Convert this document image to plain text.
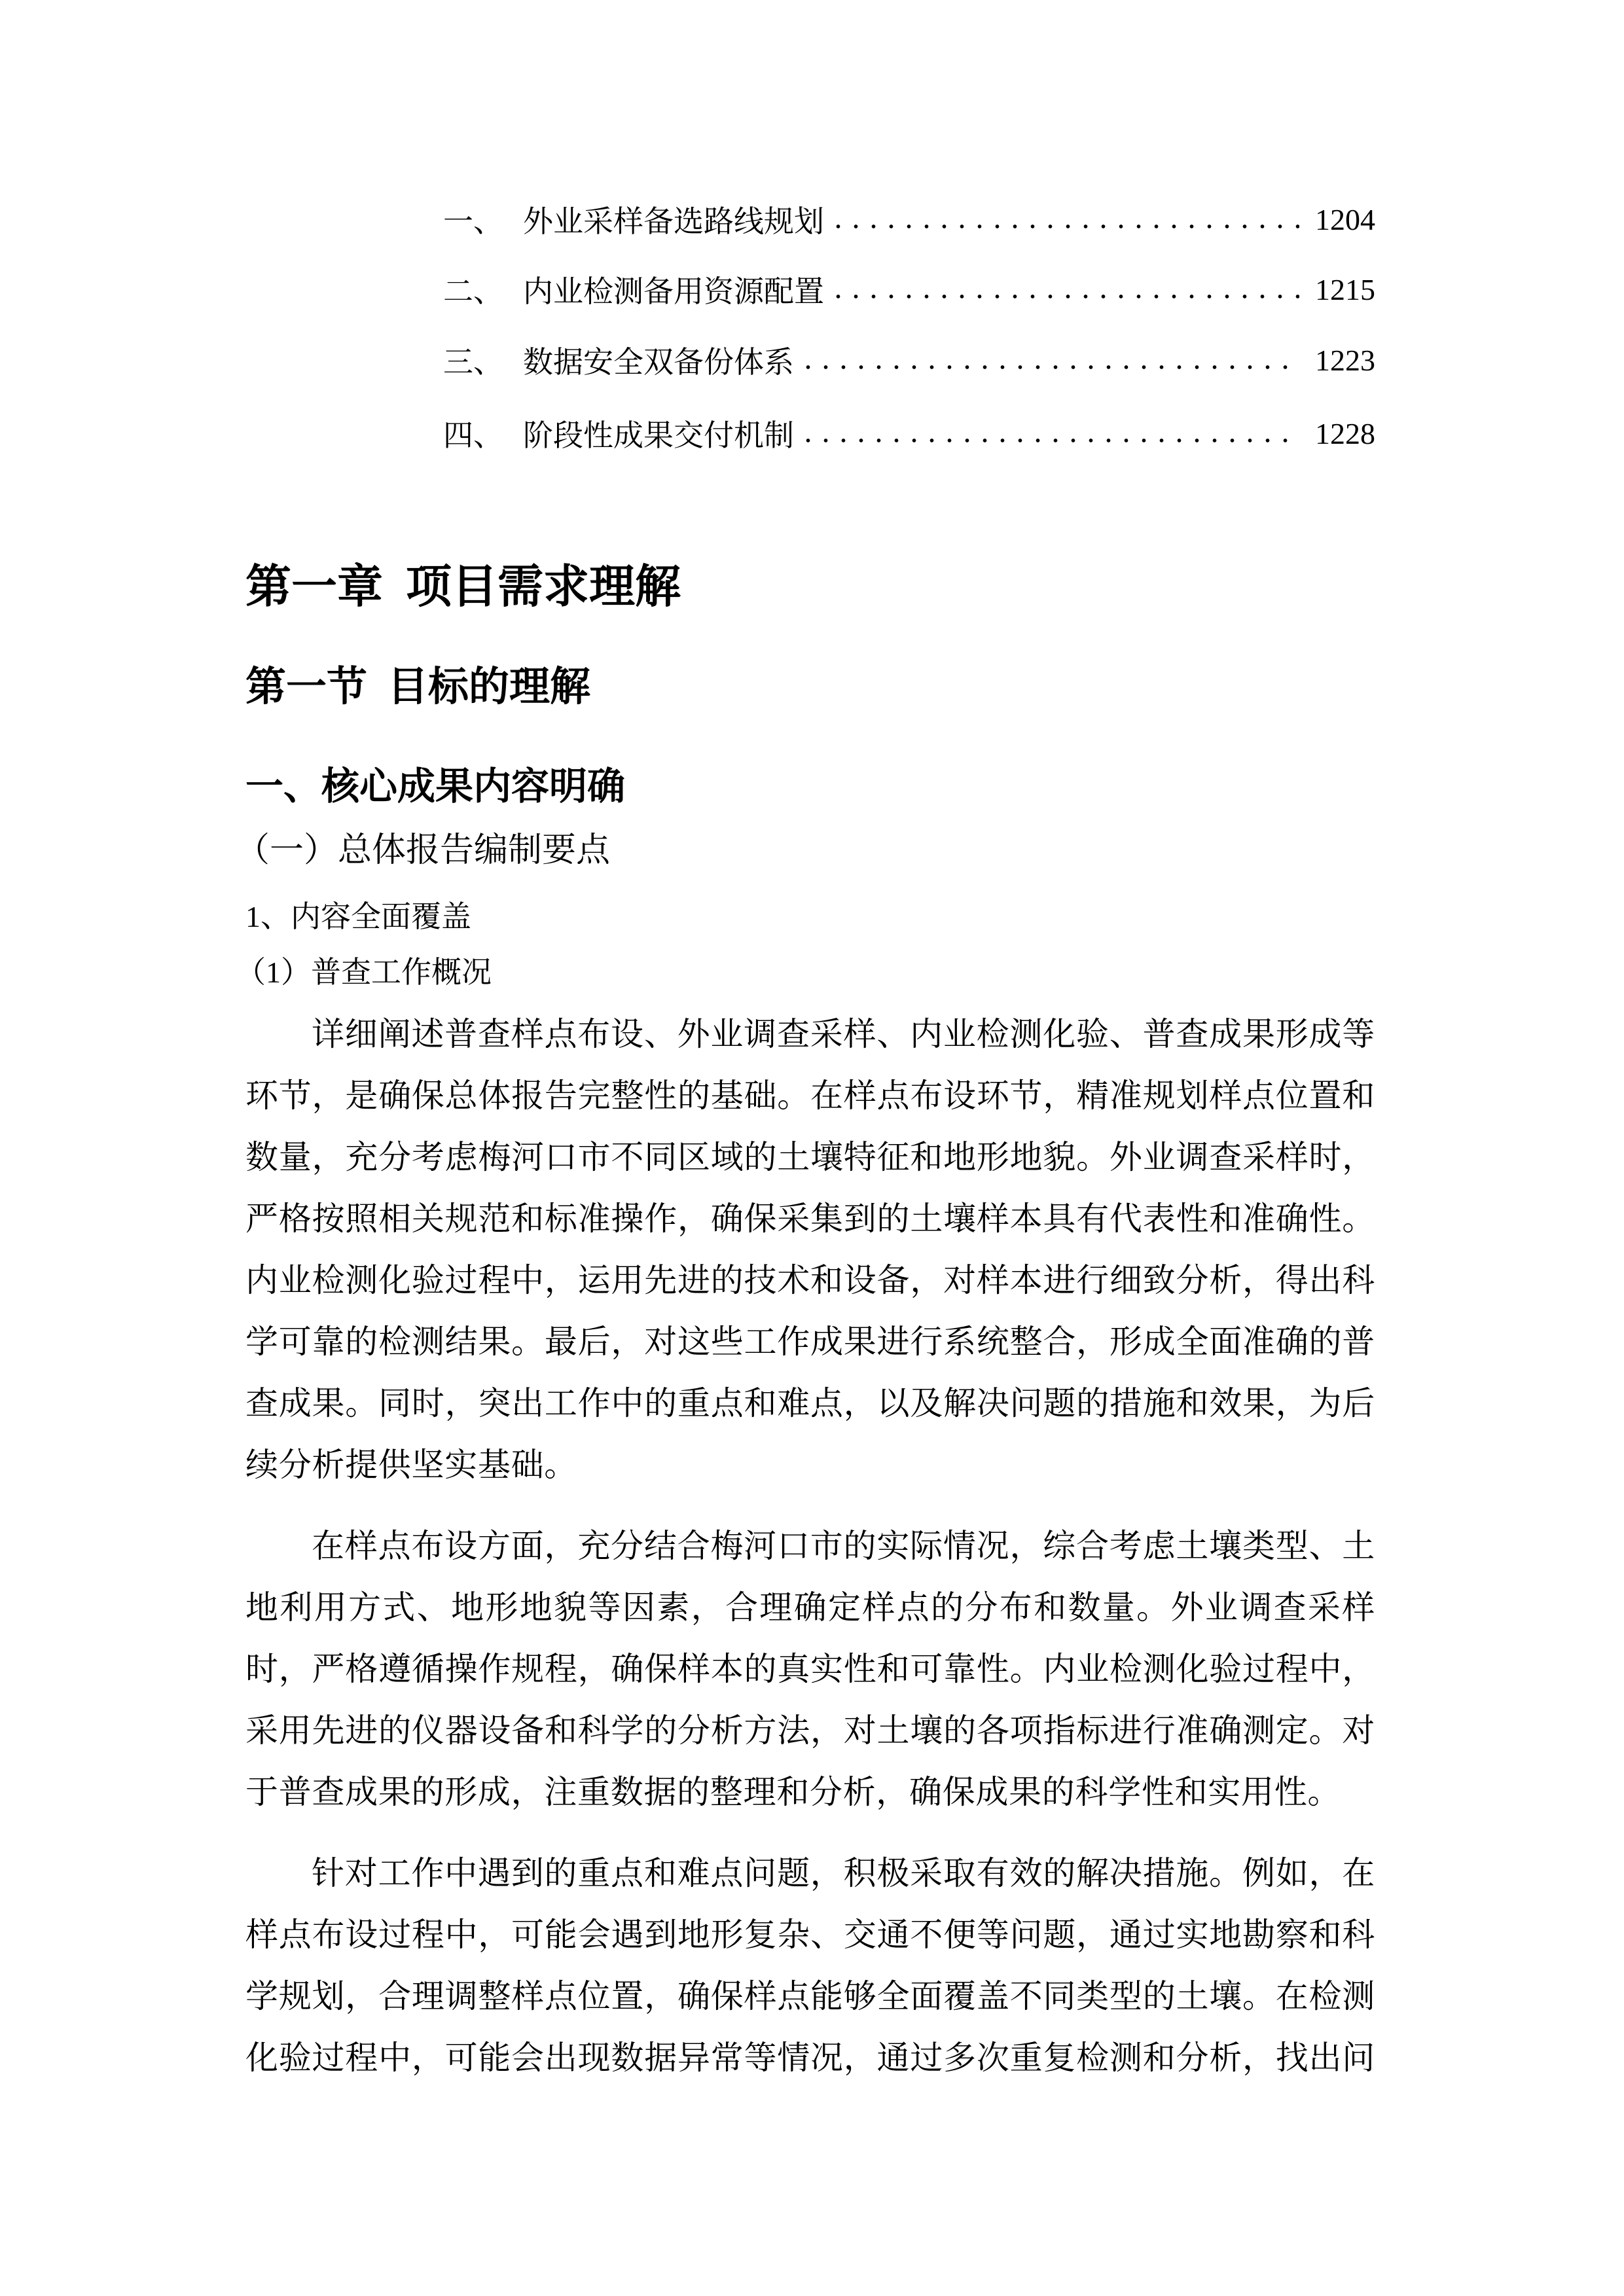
一、 外业采样备选路线规划	1204
二、 内业检测备用资源配置	1215
三、 数据安全双备份体系	1223
四、 阶段性成果交付机制	1228
第一章  项目需求理解
第一节  目标的理解
一、核心成果内容明确
（一）总体报告编制要点
1、内容全面覆盖
（1）普查工作概况
详细阐述普查样点布设、外业调查采样、内业检测化验、普查成果形成等
环节，是确保总体报告完整性的基础。在样点布设环节，精准规划样点位置和
数量，充分考虑梅河口市不同区域的土壤特征和地形地貌。外业调查采样时，
严格按照相关规范和标准操作，确保采集到的土壤样本具有代表性和准确性。
内业检测化验过程中，运用先进的技术和设备，对样本进行细致分析，得出科
学可靠的检测结果。最后，对这些工作成果进行系统整合，形成全面准确的普
查成果。同时，突出工作中的重点和难点，以及解决问题的措施和效果，为后
续分析提供坚实基础。
在样点布设方面，充分结合梅河口市的实际情况，综合考虑土壤类型、土
地利用方式、地形地貌等因素，合理确定样点的分布和数量。外业调查采样
时，严格遵循操作规程，确保样本的真实性和可靠性。内业检测化验过程中，
采用先进的仪器设备和科学的分析方法，对土壤的各项指标进行准确测定。对
于普查成果的形成，注重数据的整理和分析，确保成果的科学性和实用性。
针对工作中遇到的重点和难点问题，积极采取有效的解决措施。例如，在
样点布设过程中，可能会遇到地形复杂、交通不便等问题，通过实地勘察和科
学规划，合理调整样点位置，确保样点能够全面覆盖不同类型的土壤。在检测
化验过程中，可能会出现数据异常等情况，通过多次重复检测和分析，找出问
